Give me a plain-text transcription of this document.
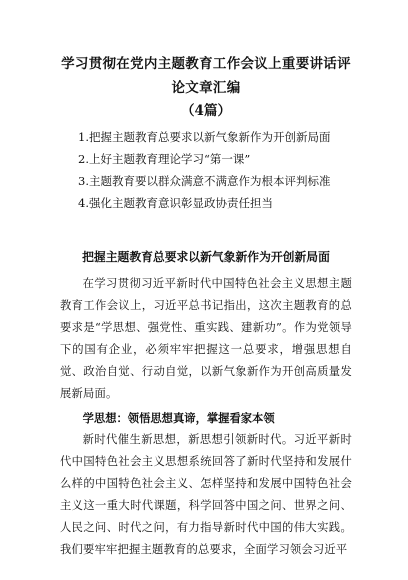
学习贯彻在党内主题教育工作会议上重要讲话评论文章汇编

（4篇）

1.把握主题教育总要求以新气象新作为开创新局面
2.上好主题教育理论学习“第一课”
3.主题教育要以群众满意不满意作为根本评判标准
4.强化主题教育意识彰显政协责任担当

把握主题教育总要求以新气象新作为开创新局面

在学习贯彻习近平新时代中国特色社会主义思想主题教育工作会议上，习近平总书记指出，这次主题教育的总要求是“学思想、强党性、重实践、建新功”。作为党领导下的国有企业，必须牢牢把握这一总要求，增强思想自觉、政治自觉、行动自觉，以新气象新作为开创高质量发展新局面。

学思想：领悟思想真谛，掌握看家本领

新时代催生新思想，新思想引领新时代。习近平新时代中国特色社会主义思想系统回答了新时代坚持和发展什么样的中国特色社会主义、怎样坚持和发展中国特色社会主义这一重大时代课题，科学回答中国之问、世界之问、人民之问、时代之问，有力指导新时代中国的伟大实践。我们要牢牢把握主题教育的总要求，全面学习领会习近平
